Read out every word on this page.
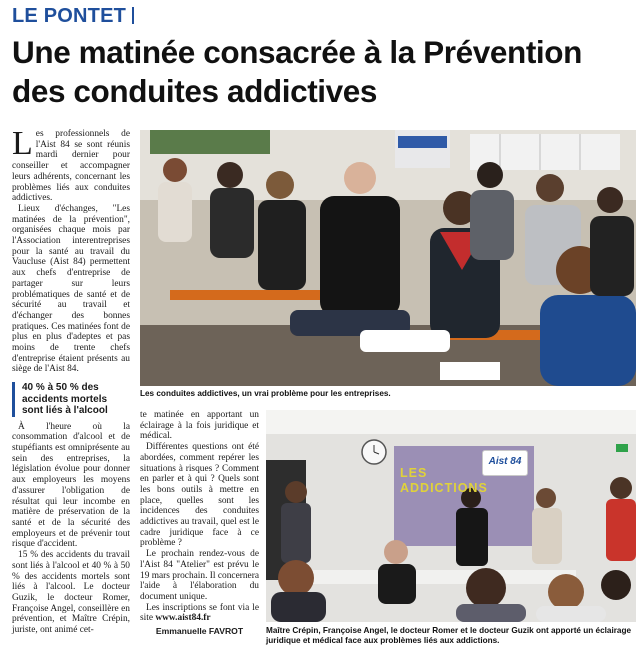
LE PONTET
Une matinée consacrée à la Prévention des conduites addictives

Les professionnels de l'Aist 84 se sont réunis mardi dernier pour conseiller et accompagner leurs adhérents, concernant les problèmes liés aux conduites addictives.

Lieux d'échanges, "Les matinées de la prévention", organisées chaque mois par l'Association interentreprises pour la santé au travail du Vaucluse (Aist 84) permettent aux chefs d'entreprise de partager sur leurs problématiques de santé et de sécurité au travail et d'échanger des bonnes pratiques. Ces matinées font de plus en plus d'adeptes et pas moins de trente chefs d'entreprise étaient présents au siège de l'Aist 84.

40 % à 50 % des accidents mortels sont liés à l'alcool

À l'heure où la consommation d'alcool et de stupéfiants est omniprésente au sein des entreprises, la législation évolue pour donner aux employeurs les moyens d'assurer l'obligation de résultat qui leur incombe en matière de préservation de la santé et de la sécurité des employeurs et de prévenir tout risque d'accident.

15 % des accidents du travail sont liés à l'alcool et 40 % à 50 % des accidents mortels sont liés à l'alcool. Le docteur Guzik, le docteur Romer, Françoise Angel, conseillère en prévention, et Maître Crépin, juriste, ont animé cet-

te matinée en apportant un éclairage à la fois juridique et médical.

Différentes questions ont été abordées, comment repérer les situations à risques ? Comment en parler et à qui ? Quels sont les bons outils à mettre en place, quelles sont les incidences des conduites addictives au travail, quel est le cadre juridique face à ce problème ?

Le prochain rendez-vous de l'Aist 84 "Atelier" est prévu le 19 mars prochain. Il concernera l'aide à l'élaboration du document unique.

Les inscriptions se font via le site www.aist84.fr

Emmanuelle FAVROT
Les conduites addictives, un vrai problème pour les entreprises.
LES ADDICTIONS
Aist 84
Maître Crépin, Françoise Angel, le docteur Romer et le docteur Guzik ont apporté un éclairage juridique et médical face aux problèmes liés aux addictions.
